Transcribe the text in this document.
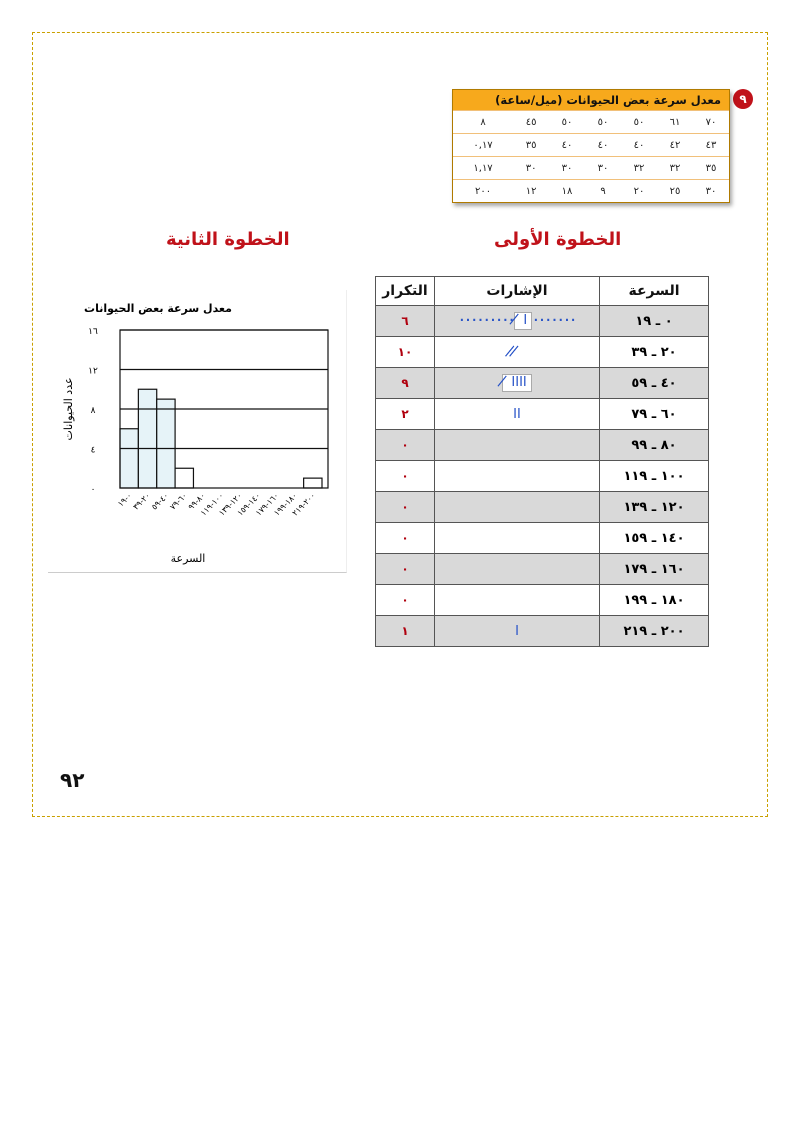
٩
معدل سرعة بعض الحيوانات (ميل/ساعة)
٨	٤٥	٥٠	٥٠	٥٠	٦١	٧٠
٠,١٧	٣٥	٤٠	٤٠	٤٠	٤٢	٤٣
١,١٧	٣٠	٣٠	٣٠	٣٢	٣٢	٣٥
٢٠٠	١٢	١٨	٩	٢٠	٢٥	٣٠
الخطوة الثانية	الخطوة الأولى
التكرار	الإشارات	السرعة
٦	········· ̸̸̸̸ I ·······	٠ ـ ١٩
١٠	̸̸̸̸ ̸̸̸̸	٢٠ ـ ٣٩
٩	̸̸̸̸ IIII	٤٠ ـ ٥٩
٢	II	٦٠ ـ ٧٩
٠		٨٠ ـ ٩٩
٠		١٠٠ ـ ١١٩
٠		١٢٠ ـ ١٣٩
٠		١٤٠ ـ ١٥٩
٠		١٦٠ ـ ١٧٩
٠		١٨٠ ـ ١٩٩
١	I	٢٠٠ ـ ٢١٩
معدل سرعة بعض الحيوانات
٠
٤
٨
١٢
١٦
عدد الحيوانات
٠-١٩
٢٠-٣٩
٤٠-٥٩
٦٠-٧٩
٨٠-٩٩
١٠٠-١١٩
١٢٠-١٣٩
١٤٠-١٥٩
١٦٠-١٧٩
١٨٠-١٩٩
٢٠٠-٢١٩
السرعة
٩٢
